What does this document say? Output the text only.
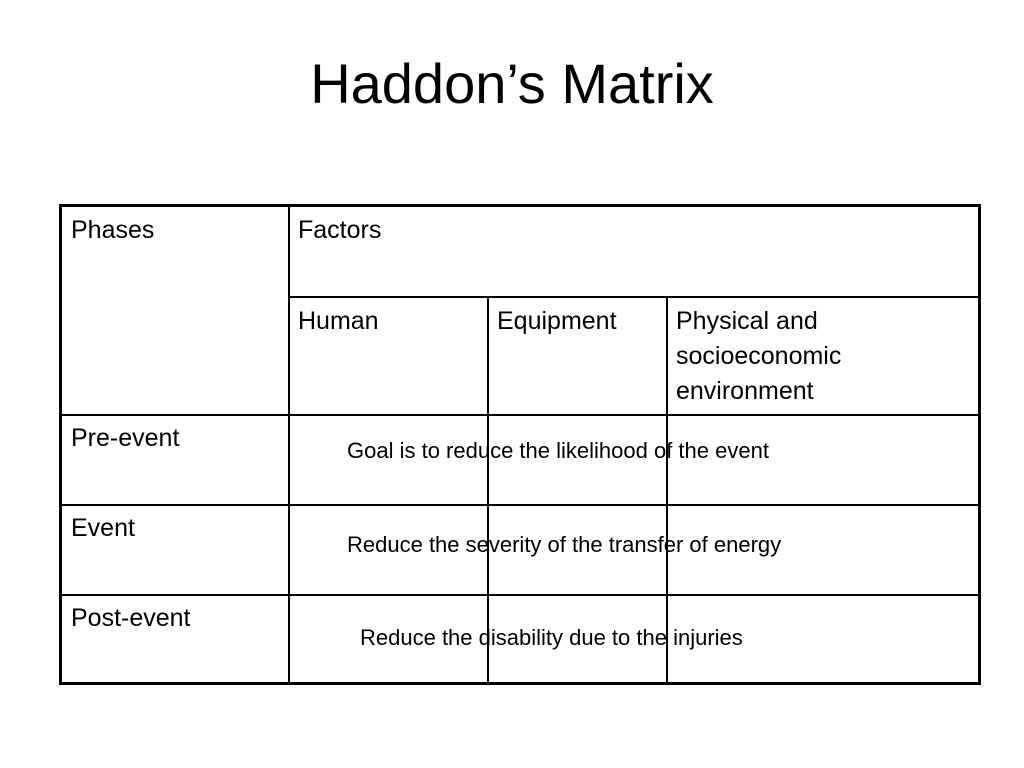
Haddon’s Matrix
Phases	Factors
Human	Equipment Physical and
socioeconomic
environment
Pre-event
Event
Post-event
Goal is to reduce the likelihood of the event
Reduce the severity of the transfer of energy
Reduce the disability due to the injuries
